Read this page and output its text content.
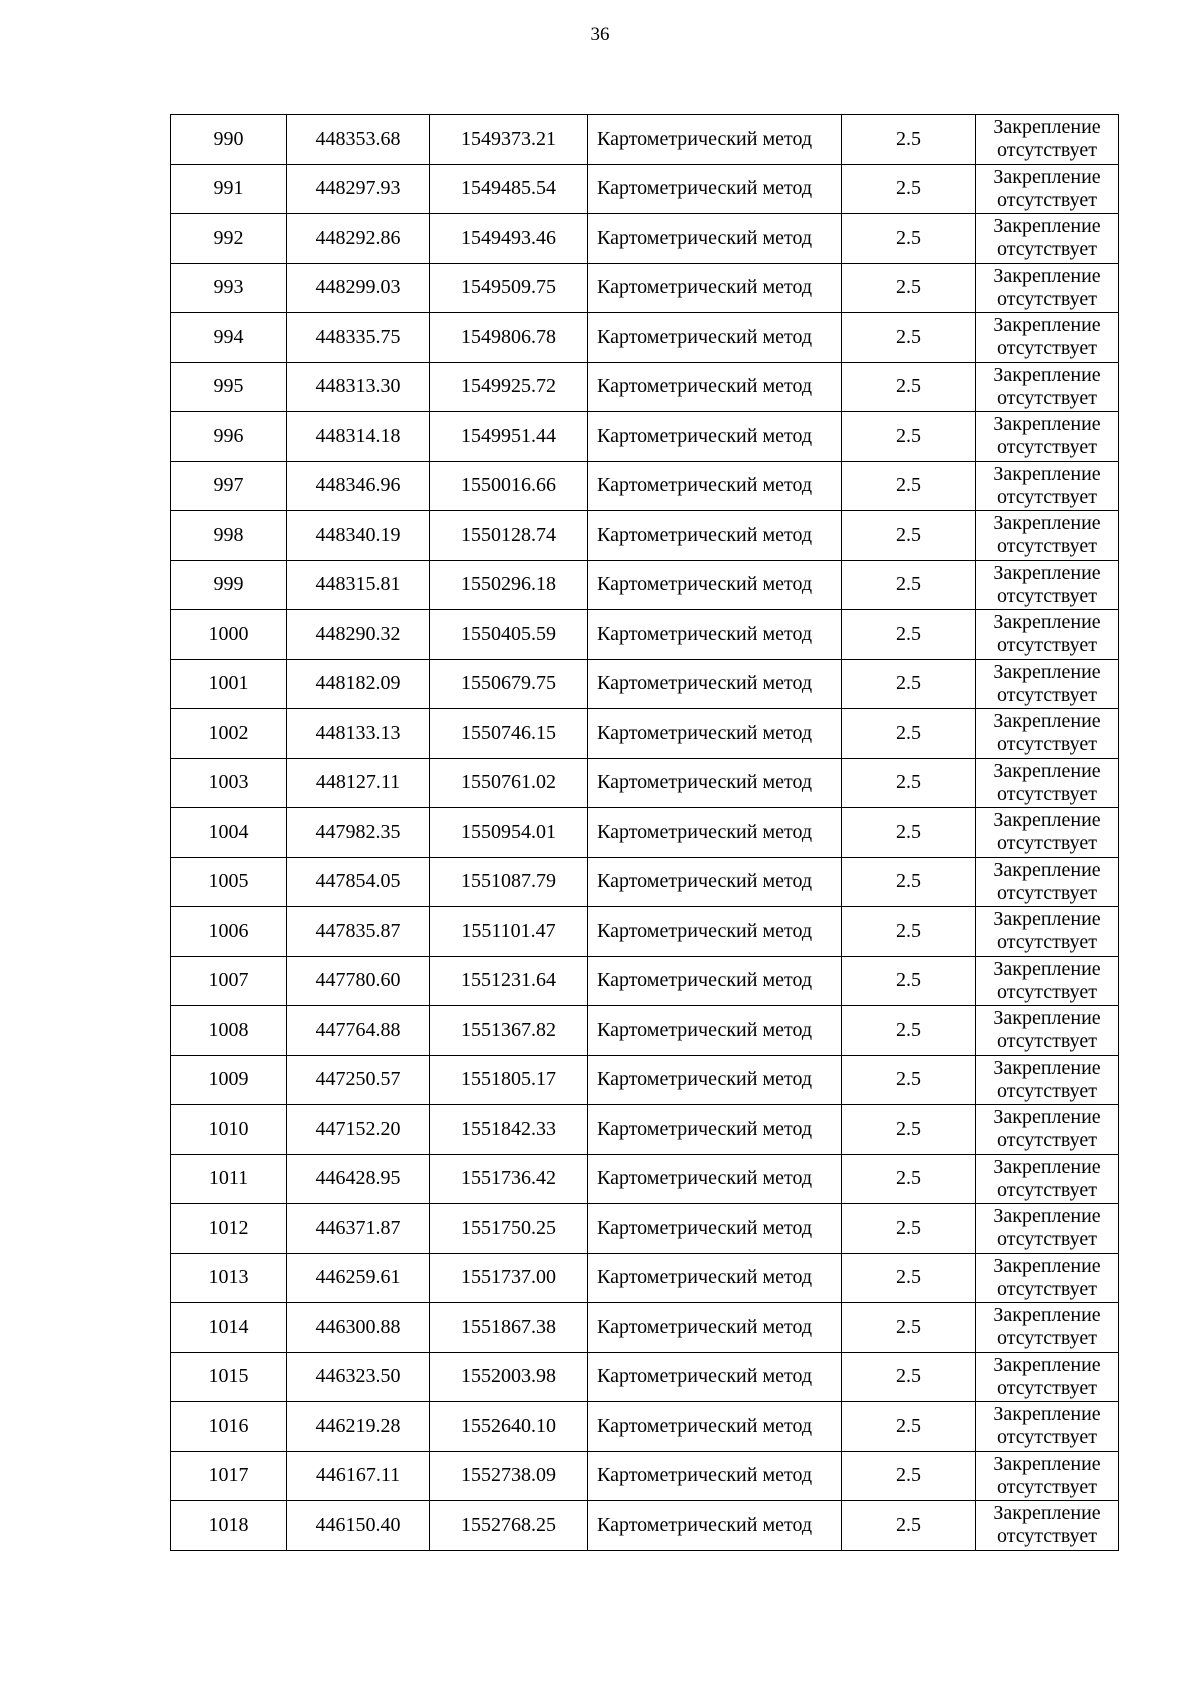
36
990	448353.68	1549373.21	Картометрический метод	2.5	Закрепление отсутствует
991	448297.93	1549485.54	Картометрический метод	2.5	Закрепление отсутствует
992	448292.86	1549493.46	Картометрический метод	2.5	Закрепление отсутствует
993	448299.03	1549509.75	Картометрический метод	2.5	Закрепление отсутствует
994	448335.75	1549806.78	Картометрический метод	2.5	Закрепление отсутствует
995	448313.30	1549925.72	Картометрический метод	2.5	Закрепление отсутствует
996	448314.18	1549951.44	Картометрический метод	2.5	Закрепление отсутствует
997	448346.96	1550016.66	Картометрический метод	2.5	Закрепление отсутствует
998	448340.19	1550128.74	Картометрический метод	2.5	Закрепление отсутствует
999	448315.81	1550296.18	Картометрический метод	2.5	Закрепление отсутствует
1000	448290.32	1550405.59	Картометрический метод	2.5	Закрепление отсутствует
1001	448182.09	1550679.75	Картометрический метод	2.5	Закрепление отсутствует
1002	448133.13	1550746.15	Картометрический метод	2.5	Закрепление отсутствует
1003	448127.11	1550761.02	Картометрический метод	2.5	Закрепление отсутствует
1004	447982.35	1550954.01	Картометрический метод	2.5	Закрепление отсутствует
1005	447854.05	1551087.79	Картометрический метод	2.5	Закрепление отсутствует
1006	447835.87	1551101.47	Картометрический метод	2.5	Закрепление отсутствует
1007	447780.60	1551231.64	Картометрический метод	2.5	Закрепление отсутствует
1008	447764.88	1551367.82	Картометрический метод	2.5	Закрепление отсутствует
1009	447250.57	1551805.17	Картометрический метод	2.5	Закрепление отсутствует
1010	447152.20	1551842.33	Картометрический метод	2.5	Закрепление отсутствует
1011	446428.95	1551736.42	Картометрический метод	2.5	Закрепление отсутствует
1012	446371.87	1551750.25	Картометрический метод	2.5	Закрепление отсутствует
1013	446259.61	1551737.00	Картометрический метод	2.5	Закрепление отсутствует
1014	446300.88	1551867.38	Картометрический метод	2.5	Закрепление отсутствует
1015	446323.50	1552003.98	Картометрический метод	2.5	Закрепление отсутствует
1016	446219.28	1552640.10	Картометрический метод	2.5	Закрепление отсутствует
1017	446167.11	1552738.09	Картометрический метод	2.5	Закрепление отсутствует
1018	446150.40	1552768.25	Картометрический метод	2.5	Закрепление отсутствует
